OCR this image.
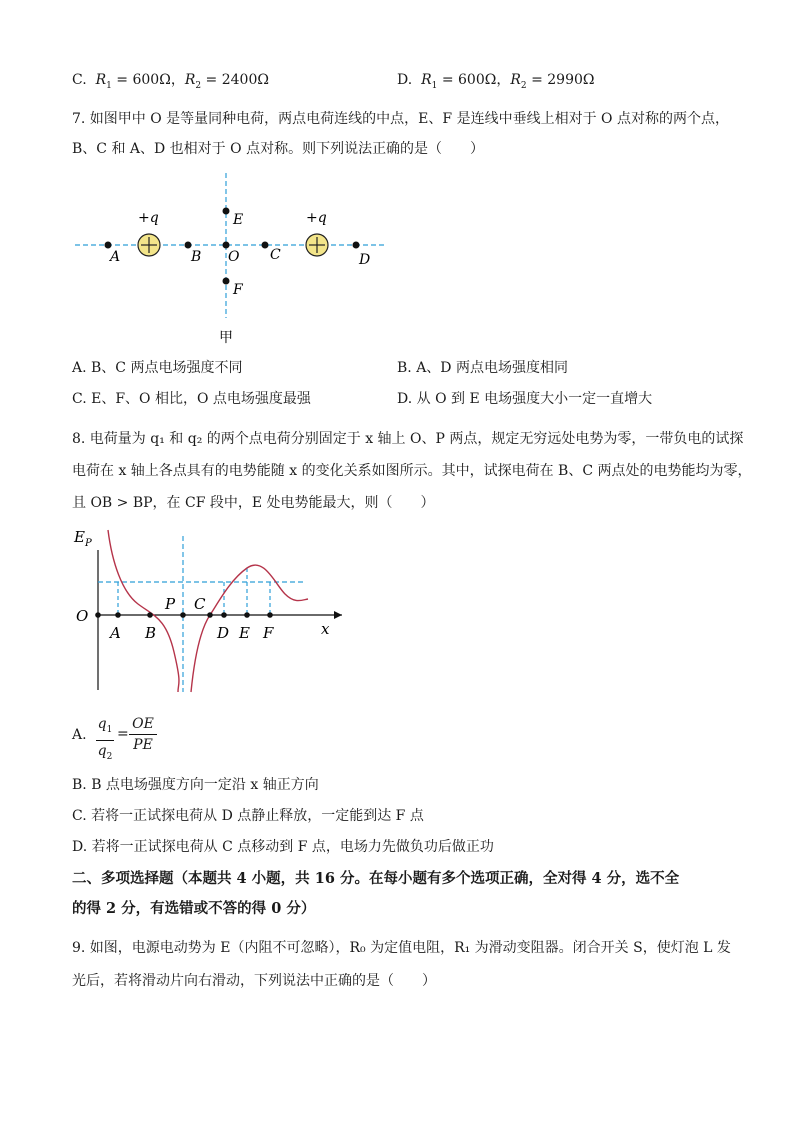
C. $R_1 = 600\Omega$，$R_2 = 2400\Omega$	D. $R_1 = 600\Omega$，$R_2 = 2990\Omega$
7. 如图甲中 O 是等量同种电荷，两点电荷连线的中点，E、F 是连线中垂线上相对于 O 点对称的两个点，
B、C 和 A、D 也相对于 O 点对称。则下列说法正确的是（　　）
+q	+q
A	B O C	D
E
F
甲
A. B、C 两点电场强度不同	B. A、D 两点电场强度相同
C. E、F、O 相比，O 点电场强度最强	D. 从 O 到 E 电场强度大小一定一直增大
8. 电荷量为 q₁ 和 q₂ 的两个点电荷分别固定于 x 轴上 O、P 两点，规定无穷远处电势为零，一带负电的试探
电荷在 x 轴上各点具有的电势能随 x 的变化关系如图所示。其中，试探电荷在 B、C 两点处的电势能均为零，
且 OB > BP，在 CF 段中，E 处电势能最大，则（　　）
$E_P$
O
x
A B
P C
D E F
A.
$q_1$
$q_2$
=
OE
PE
B. B 点电场强度方向一定沿 x 轴正方向
C. 若将一正试探电荷从 D 点静止释放，一定能到达 F 点
D. 若将一正试探电荷从 C 点移动到 F 点，电场力先做负功后做正功
二、多项选择题（本题共 4 小题，共 16 分。在每小题有多个选项正确，全对得 4 分，选不全
的得 2 分，有选错或不答的得 0 分）
9. 如图，电源电动势为 E（内阻不可忽略），R₀ 为定值电阻，R₁ 为滑动变阻器。闭合开关 S，使灯泡 L 发
光后，若将滑动片向右滑动，下列说法中正确的是（　　）
